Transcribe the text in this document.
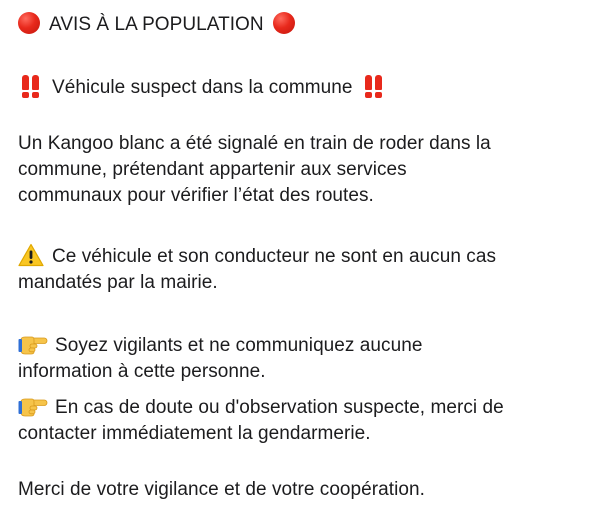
AVIS À LA POPULATION
Véhicule suspect dans la commune
Un Kangoo blanc a été signalé en train de roder dans la
commune, prétendant appartenir aux services
communaux pour vérifier l’état des routes.
Ce véhicule et son conducteur ne sont en aucun cas
mandatés par la mairie.
Soyez vigilants et ne communiquez aucune
information à cette personne.
En cas de doute ou d'observation suspecte, merci de
contacter immédiatement la gendarmerie.
Merci de votre vigilance et de votre coopération.
